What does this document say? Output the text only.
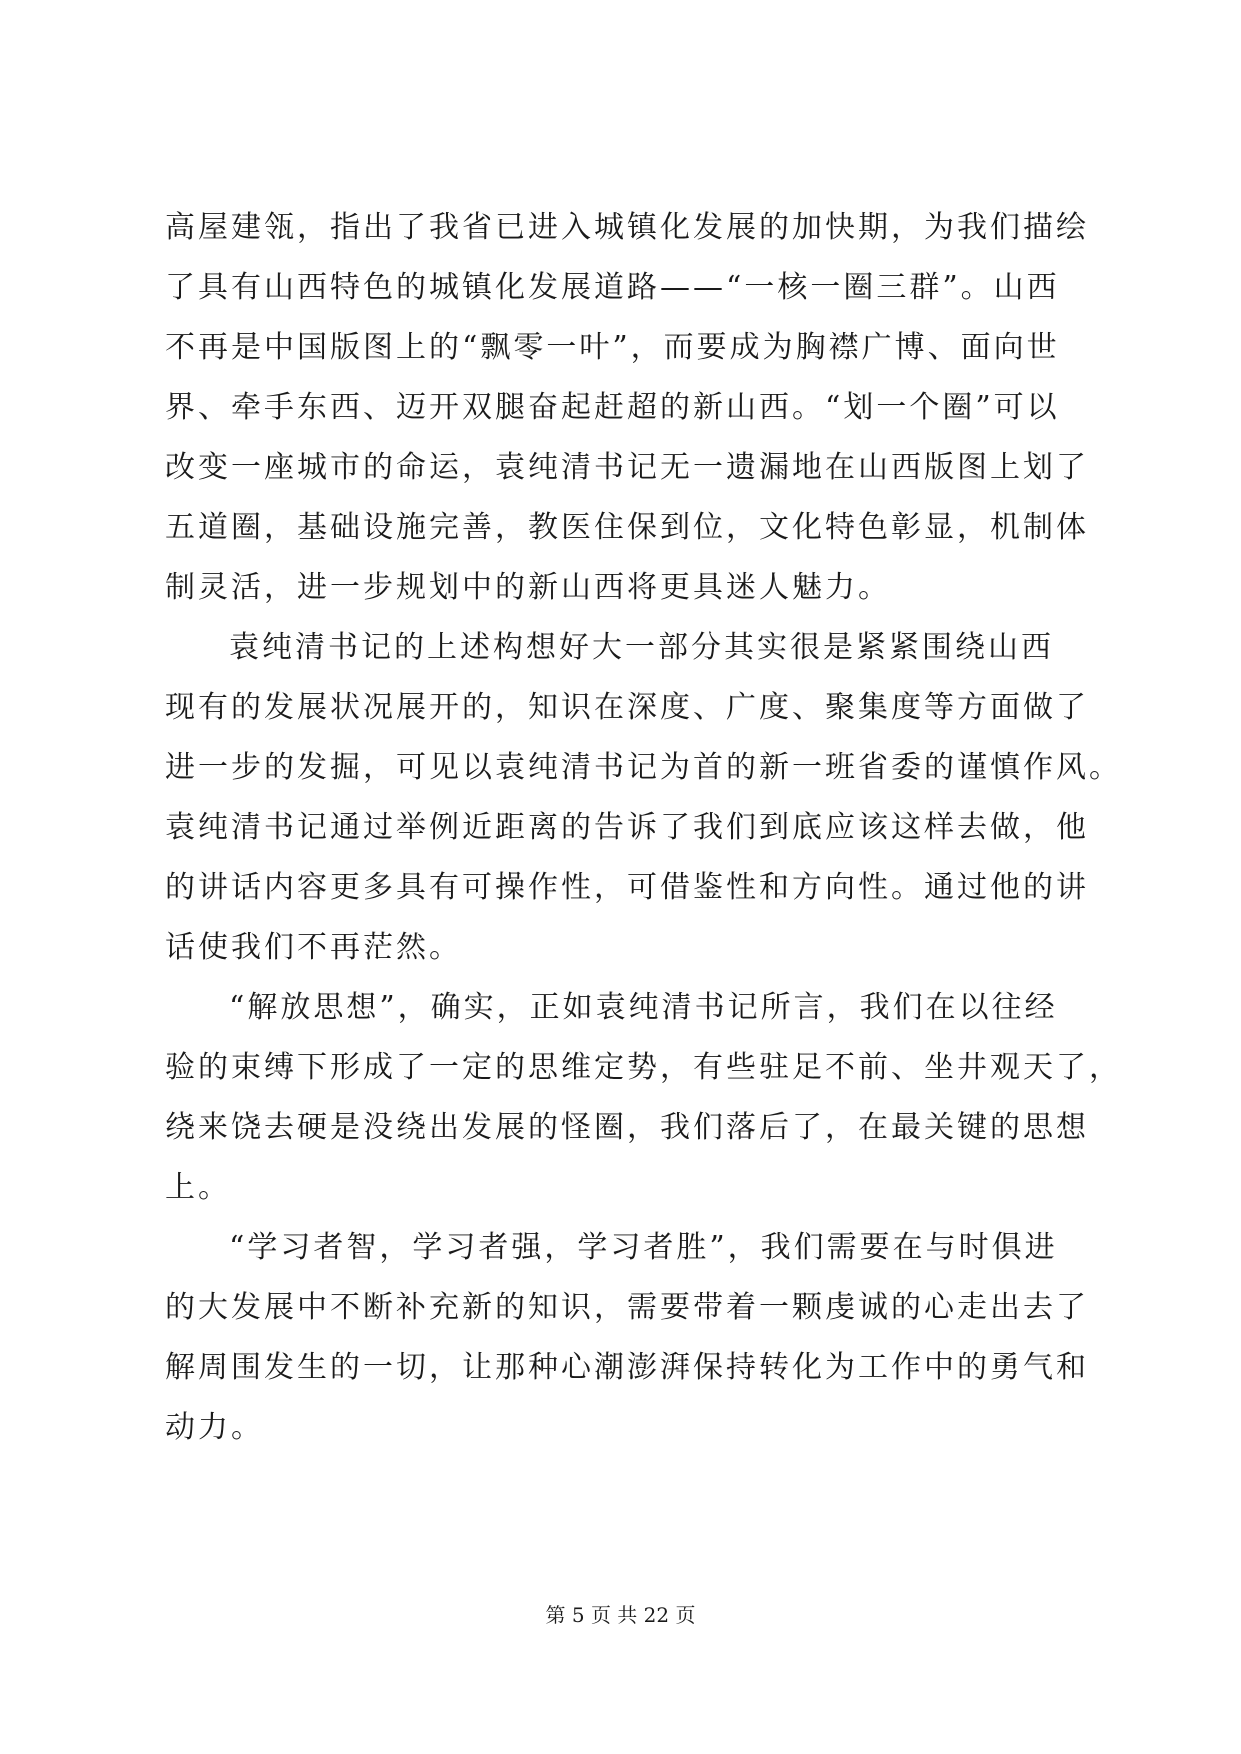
高屋建瓴，指出了我省已进入城镇化发展的加快期，为我们描绘
了具有山西特色的城镇化发展道路——“一核一圈三群”。山西
不再是中国版图上的“飘零一叶”，而要成为胸襟广博、面向世
界、牵手东西、迈开双腿奋起赶超的新山西。“划一个圈”可以
改变一座城市的命运，袁纯清书记无一遗漏地在山西版图上划了
五道圈，基础设施完善，教医住保到位，文化特色彰显，机制体
制灵活，进一步规划中的新山西将更具迷人魅力。
袁纯清书记的上述构想好大一部分其实很是紧紧围绕山西
现有的发展状况展开的，知识在深度、广度、聚集度等方面做了
进一步的发掘，可见以袁纯清书记为首的新一班省委的谨慎作风。
袁纯清书记通过举例近距离的告诉了我们到底应该这样去做，他
的讲话内容更多具有可操作性，可借鉴性和方向性。通过他的讲
话使我们不再茫然。
“解放思想”，确实，正如袁纯清书记所言，我们在以往经
验的束缚下形成了一定的思维定势，有些驻足不前、坐井观天了，
绕来饶去硬是没绕出发展的怪圈，我们落后了，在最关键的思想
上。
“学习者智，学习者强，学习者胜”，我们需要在与时俱进
的大发展中不断补充新的知识，需要带着一颗虔诚的心走出去了
解周围发生的一切，让那种心潮澎湃保持转化为工作中的勇气和
动力。
第 5 页 共 22 页
